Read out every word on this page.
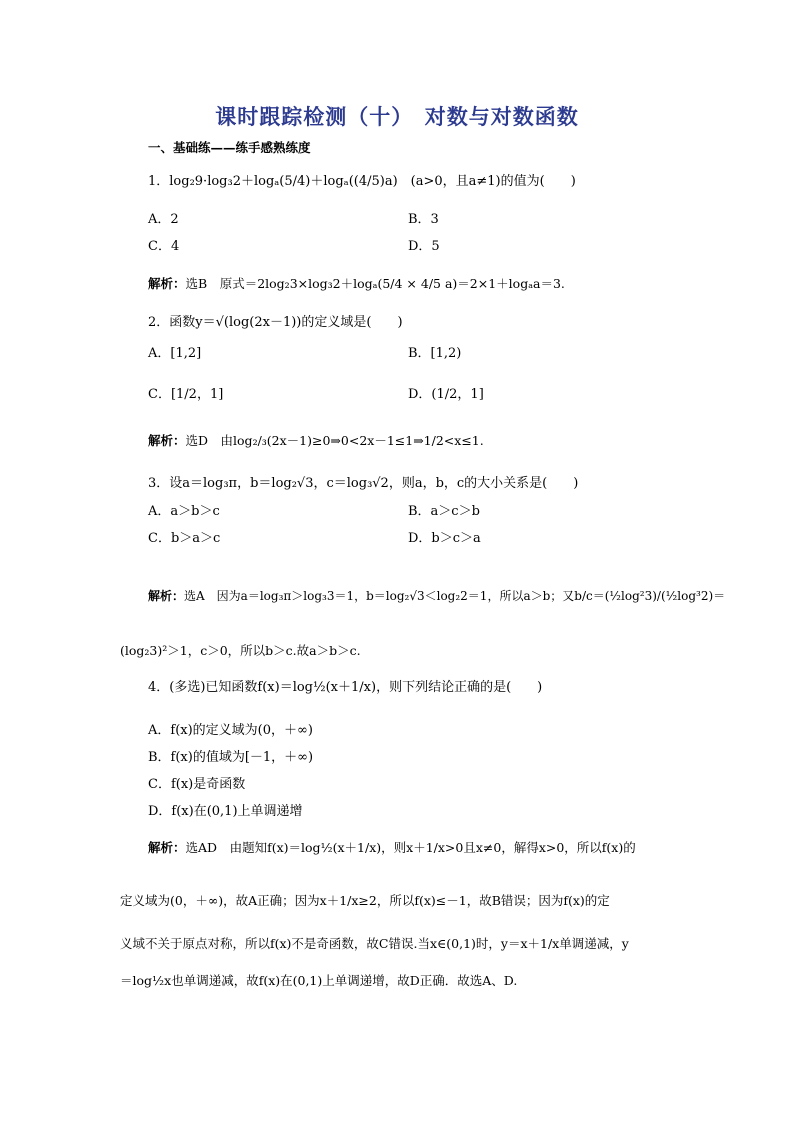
课时跟踪检测（十）　对数与对数函数
一、基础练——练手感熟练度
1．log₂9·log₃2＋logₐ(5/4)＋logₐ((4/5)a)　(a>0，且a≠1)的值为(　　)
A．2	B．3
C．4	D．5
解析：选B　原式＝2log₂3×log₃2＋logₐ(5/4 × 4/5 a)＝2×1＋logₐa＝3.
2．函数y＝√(log(2x－1))的定义域是(　　)
A．[1,2]	B．[1,2)
C．[1/2，1]	D．(1/2，1]
解析：选D　由log₂/₃(2x－1)≥0⇒0<2x－1≤1⇒1/2<x≤1.
3．设a＝log₃π，b＝log₂√3，c＝log₃√2，则a，b，c的大小关系是(　　)
A．a＞b＞c	B．a＞c＞b
C．b＞a＞c	D．b＞c＞a
解析：选A　因为a＝log₃π＞log₃3＝1，b＝log₂√3＜log₂2＝1，所以a＞b；又b/c＝(½log²3)/(½log³2)＝
(log₂3)²＞1，c＞0，所以b＞c.故a＞b＞c.
4．(多选)已知函数f(x)＝log½(x＋1/x)，则下列结论正确的是(　　)
A．f(x)的定义域为(0，＋∞)
B．f(x)的值域为[－1，＋∞)
C．f(x)是奇函数
D．f(x)在(0,1)上单调递增
解析：选AD　由题知f(x)＝log½(x＋1/x)，则x＋1/x>0且x≠0，解得x>0，所以f(x)的
定义域为(0，＋∞)，故A正确；因为x＋1/x≥2，所以f(x)≤－1，故B错误；因为f(x)的定
义域不关于原点对称，所以f(x)不是奇函数，故C错误.当x∈(0,1)时，y＝x＋1/x单调递减，y
＝log½x也单调递减，故f(x)在(0,1)上单调递增，故D正确．故选A、D.
